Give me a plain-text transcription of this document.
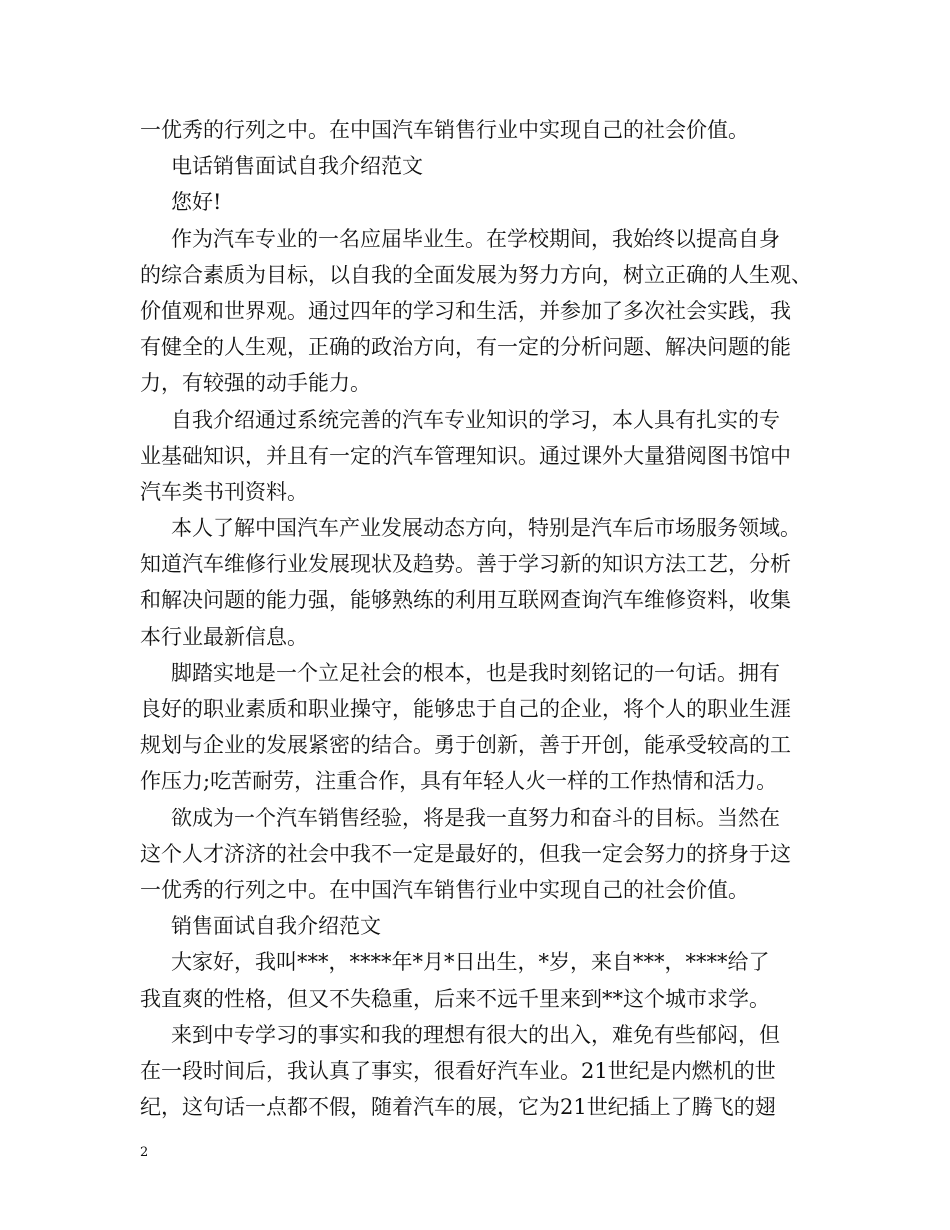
一优秀的行列之中。在中国汽车销售行业中实现自己的社会价值。
电话销售面试自我介绍范文
您好!
作为汽车专业的一名应届毕业生。在学校期间，我始终以提高自身
的综合素质为目标，以自我的全面发展为努力方向，树立正确的人生观、
价值观和世界观。通过四年的学习和生活，并参加了多次社会实践，我
有健全的人生观，正确的政治方向，有一定的分析问题、解决问题的能
力，有较强的动手能力。
自我介绍通过系统完善的汽车专业知识的学习，本人具有扎实的专
业基础知识，并且有一定的汽车管理知识。通过课外大量猎阅图书馆中
汽车类书刊资料。
本人了解中国汽车产业发展动态方向，特别是汽车后市场服务领域。
知道汽车维修行业发展现状及趋势。善于学习新的知识方法工艺，分析
和解决问题的能力强，能够熟练的利用互联网查询汽车维修资料，收集
本行业最新信息。
脚踏实地是一个立足社会的根本，也是我时刻铭记的一句话。拥有
良好的职业素质和职业操守，能够忠于自己的企业，将个人的职业生涯
规划与企业的发展紧密的结合。勇于创新，善于开创，能承受较高的工
作压力;吃苦耐劳，注重合作，具有年轻人火一样的工作热情和活力。
欲成为一个汽车销售经验，将是我一直努力和奋斗的目标。当然在
这个人才济济的社会中我不一定是最好的，但我一定会努力的挤身于这
一优秀的行列之中。在中国汽车销售行业中实现自己的社会价值。
销售面试自我介绍范文
大家好，我叫***，****年*月*日出生，*岁，来自***，****给了
我直爽的性格，但又不失稳重，后来不远千里来到**这个城市求学。
来到中专学习的事实和我的理想有很大的出入，难免有些郁闷，但
在一段时间后，我认真了事实，很看好汽车业。21世纪是内燃机的世
纪，这句话一点都不假，随着汽车的展，它为21世纪插上了腾飞的翅
2
